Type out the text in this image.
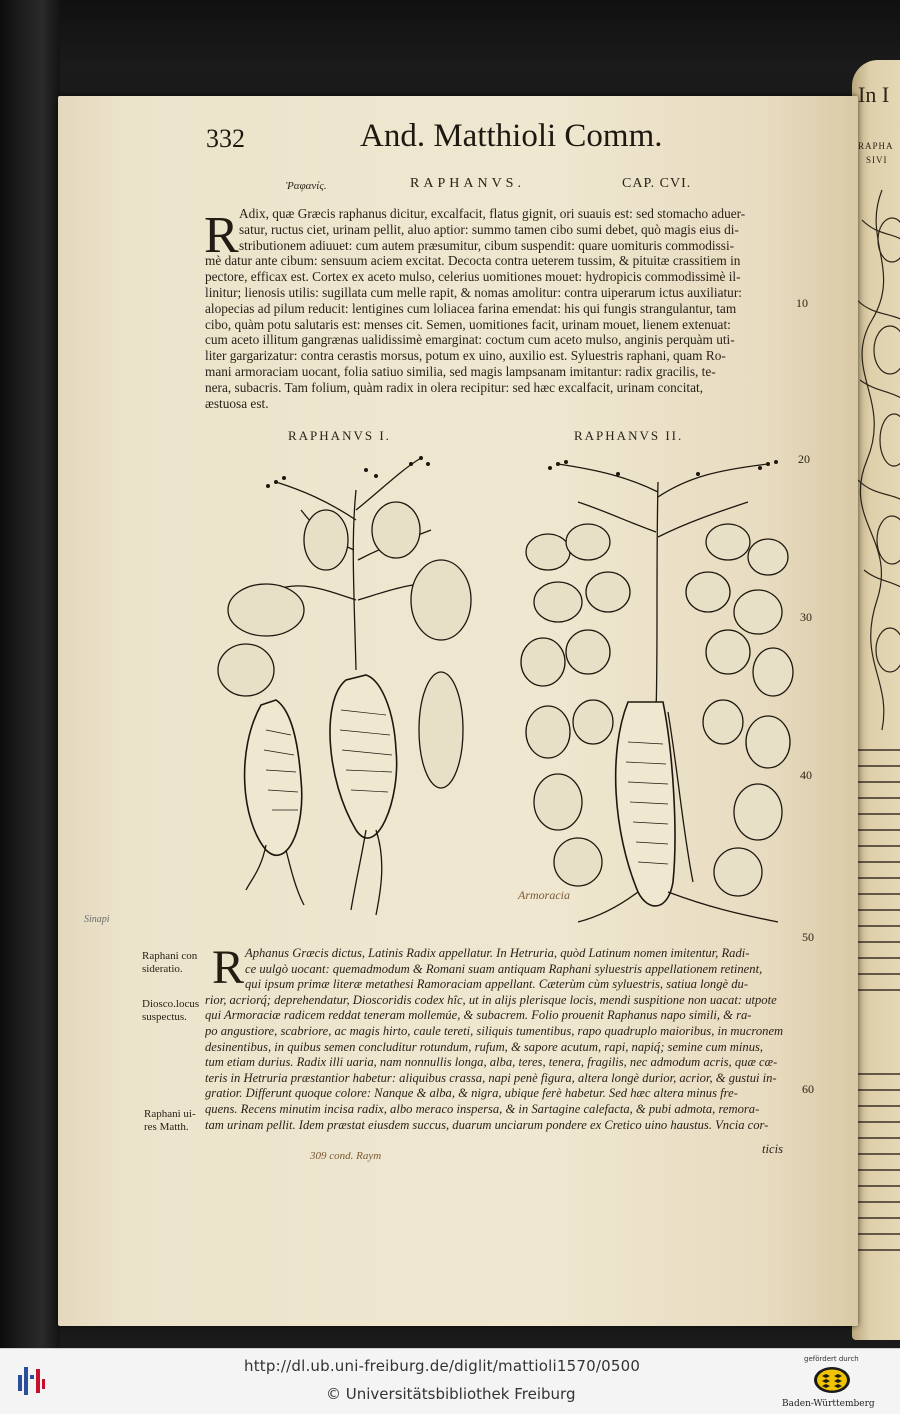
In I
RAPHA
SIVI
332	And. Matthioli Comm.
Ῥαφανίς.	RAPHANVS.	CAP. CVI.
R Adix, quæ Græcis raphanus dicitur, excalfacit, flatus gignit, ori suauis est: sed stomacho aduer-
satur, ructus ciet, urinam pellit, aluo aptior: summo tamen cibo sumi debet, quò magis eius di-
stributionem adiuuet: cum autem præsumitur, cibum suspendit: quare uomituris commodissi-
mè datur ante cibum: sensuum aciem excitat. Decocta contra ueterem tussim, & pituitæ crassitiem in
pectore, efficax est. Cortex ex aceto mulso, celerius uomitiones mouet: hydropicis commodissimè il-
linitur; lienosis utilis: sugillata cum melle rapit, & nomas amolitur: contra uiperarum ictus auxiliatur:
alopecias ad pilum reducit: lentigines cum loliacea farina emendat: his qui fungis strangulantur, tam
cibo, quàm potu salutaris est: menses cit. Semen, uomitiones facit, urinam mouet, lienem extenuat:
cum aceto illitum gangrænas ualidissimè emarginat: coctum cum aceto mulso, anginis perquàm uti-
liter gargarizatur: contra cerastis morsus, potum ex uino, auxilio est. Syluestris raphani, quam Ro-
mani armoraciam uocant, folia satiuo similia, sed magis lampsanam imitantur: radix gracilis, te-
nera, subacris. Tam folium, quàm radix in olera recipitur: sed hæc excalfacit, urinam concitat,
æstuosa est.
10
20
30
40
50
60
RAPHANVS I.	RAPHANVS II.
Armoracia
Sinapi
Raphani con
sideratio.
Diosco.locus
suspectus.
Raphani ui-
res Matth.
R Aphanus Græcis dictus, Latinis Radix appellatur. In Hetruria, quòd Latinum nomen imitentur, Radi-
ce uulgò uocant: quemadmodum & Romani suam antiquam Raphani syluestris appellationem retinent,
qui ipsum primæ literæ metathesi Ramoraciam appellant. Cæterùm cùm syluestris, satiua longè du-
rior, acriorq́; deprehendatur, Dioscoridis codex hîc, ut in alijs plerisque locis, mendi suspitione non uacat: utpote
qui Armoraciæ radicem reddat teneram mollemúe, & subacrem. Folio prouenit Raphanus napo simili, & ra-
po angustiore, scabriore, ac magis hirto, caule tereti, siliquis tumentibus, rapo quadruplo maioribus, in mucronem
desinentibus, in quibus semen concluditur rotundum, rufum, & sapore acutum, rapi, napiq́; semine cum minus,
tum etiam durius. Radix illi uaria, nam nonnullis longa, alba, teres, tenera, fragilis, nec admodum acris, quæ cæ-
teris in Hetruria præstantior habetur: aliquibus crassa, napi penè figura, altera longè durior, acrior, & gustui in-
gratior. Differunt quoque colore: Nanque & alba, & nigra, ubique ferè habetur. Sed hæc altera minus fre-
quens. Recens minutim incisa radix, albo meraco inspersa, & in Sartagine calefacta, & pubi admota, remora-
tam urinam pellit. Idem præstat eiusdem succus, duarum unciarum pondere ex Cretico uino haustus. Vncia cor-
ticis
309 cond. Raym
http://dl.ub.uni-freiburg.de/diglit/mattioli1570/0500
© Universitätsbibliothek Freiburg
gefördert durch
Baden-Württemberg
